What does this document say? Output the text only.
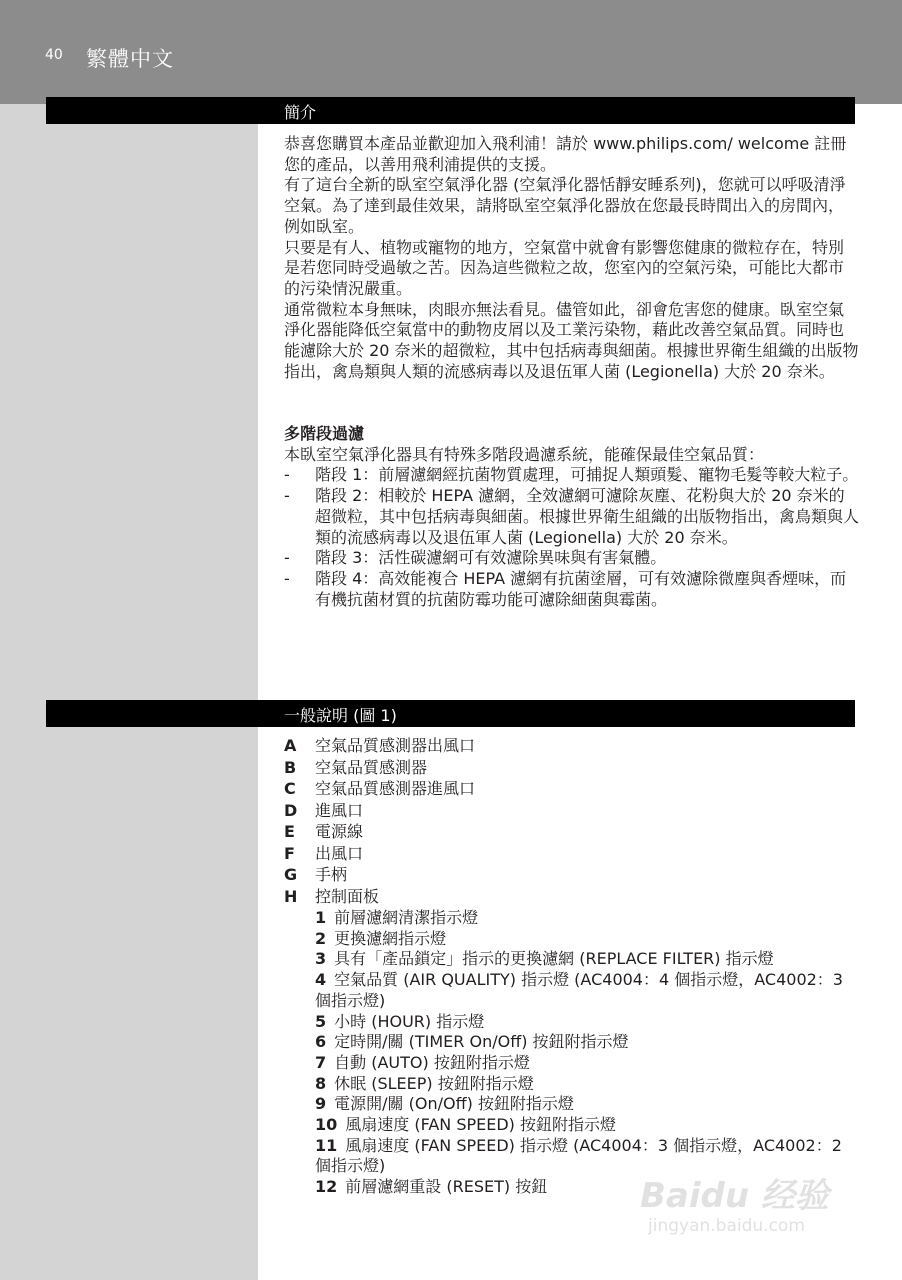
40 繁體中文
簡介

恭喜您購買本產品並歡迎加入飛利浦！請於 www.philips.com/ welcome 註冊您的產品，以善用飛利浦提供的支援。

有了這台全新的臥室空氣淨化器 (空氣淨化器恬靜安睡系列)，您就可以呼吸清淨空氣。為了達到最佳效果，請將臥室空氣淨化器放在您最長時間出入的房間內，例如臥室。

只要是有人、植物或寵物的地方，空氣當中就會有影響您健康的微粒存在，特別是若您同時受過敏之苦。因為這些微粒之故，您室內的空氣污染，可能比大都市的污染情況嚴重。

通常微粒本身無味，肉眼亦無法看見。儘管如此，卻會危害您的健康。臥室空氣淨化器能降低空氣當中的動物皮屑以及工業污染物，藉此改善空氣品質。同時也能濾除大於 20 奈米的超微粒，其中包括病毒與細菌。根據世界衛生組織的出版物指出，禽鳥類與人類的流感病毒以及退伍軍人菌 (Legionella) 大於 20 奈米。

多階段過濾

本臥室空氣淨化器具有特殊多階段過濾系統，能確保最佳空氣品質：

- 階段 1：前層濾網經抗菌物質處理，可捕捉人類頭髮、寵物毛髮等較大粒子。

- 階段 2：相較於 HEPA 濾網，全效濾網可濾除灰塵、花粉與大於 20 奈米的超微粒，其中包括病毒與細菌。根據世界衛生組織的出版物指出，禽鳥類與人類的流感病毒以及退伍軍人菌 (Legionella) 大於 20 奈米。

- 階段 3：活性碳濾網可有效濾除異味與有害氣體。

- 階段 4：高效能複合 HEPA 濾網有抗菌塗層，可有效濾除微塵與香煙味，而有機抗菌材質的抗菌防霉功能可濾除細菌與霉菌。

一般說明 (圖 1)
A 空氣品質感測器出風口
B 空氣品質感測器
C 空氣品質感測器進風口
D 進風口
E 電源線
F 出風口
G 手柄
H 控制面板
1 前層濾網清潔指示燈
2 更換濾網指示燈
3 具有「產品鎖定」指示的更換濾網 (REPLACE FILTER) 指示燈
4 空氣品質 (AIR QUALITY) 指示燈 (AC4004：4 個指示燈，AC4002：3 個指示燈)
5 小時 (HOUR) 指示燈
6 定時開/關 (TIMER On/Off) 按鈕附指示燈
7 自動 (AUTO) 按鈕附指示燈
8 休眠 (SLEEP) 按鈕附指示燈
9 電源開/關 (On/Off) 按鈕附指示燈
10 風扇速度 (FAN SPEED) 按鈕附指示燈
11 風扇速度 (FAN SPEED) 指示燈 (AC4004：3 個指示燈，AC4002：2 個指示燈)
12 前層濾網重設 (RESET) 按鈕	Baidu 经验
jingyan.baidu.com
